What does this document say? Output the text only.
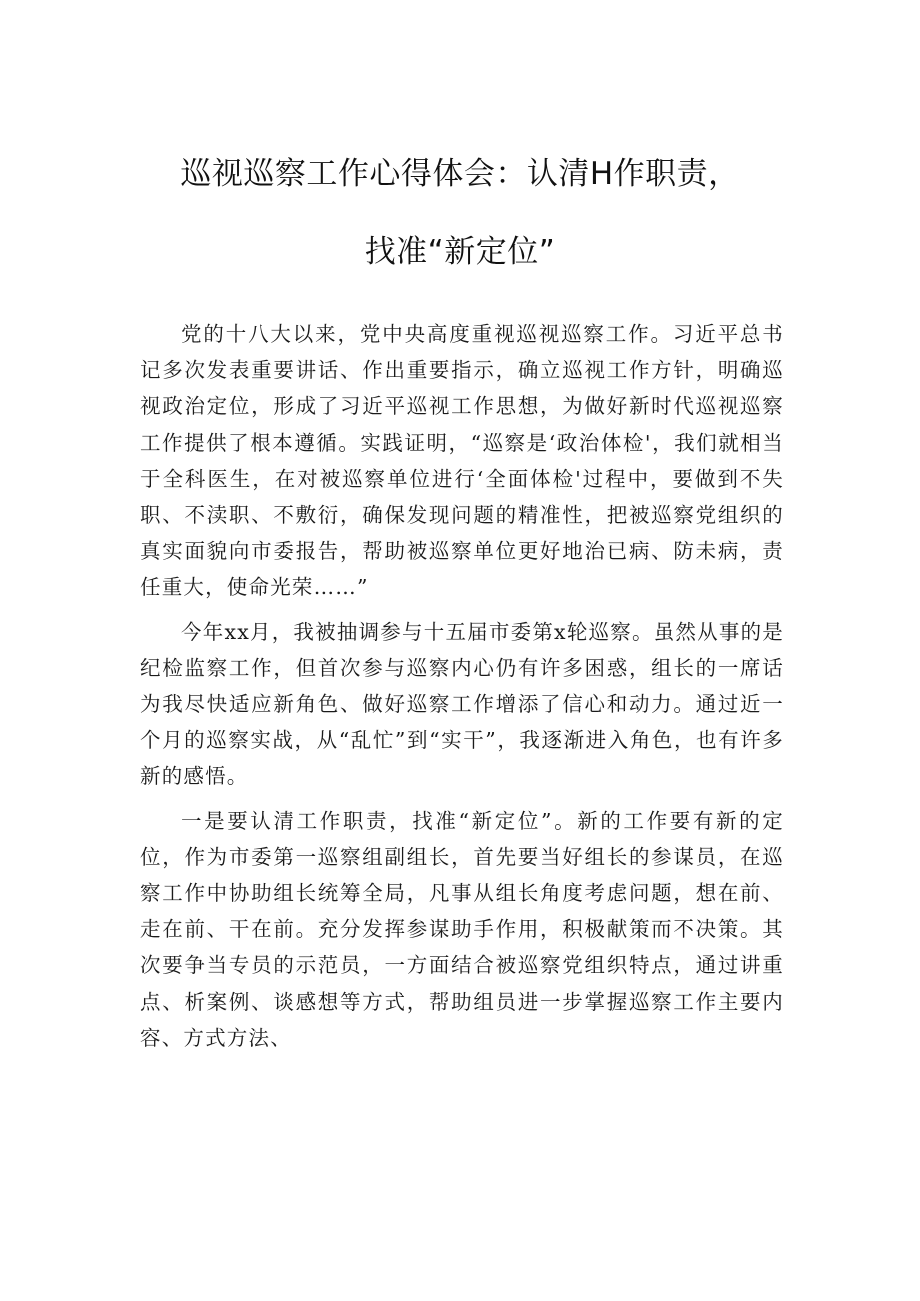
巡视巡察工作心得体会：认清H作职责，
找准“新定位”

党的十八大以来，党中央高度重视巡视巡察工作。习近平总书记多次发表重要讲话、作出重要指示，确立巡视工作方针，明确巡视政治定位，形成了习近平巡视工作思想，为做好新时代巡视巡察工作提供了根本遵循。实践证明，“巡察是‘政治体检'，我们就相当于全科医生，在对被巡察单位进行‘全面体检'过程中，要做到不失职、不渎职、不敷衍，确保发现问题的精准性，把被巡察党组织的真实面貌向市委报告，帮助被巡察单位更好地治已病、防未病，责任重大，使命光荣……”

今年xx月，我被抽调参与十五届市委第x轮巡察。虽然从事的是纪检监察工作，但首次参与巡察内心仍有许多困惑，组长的一席话为我尽快适应新角色、做好巡察工作增添了信心和动力。通过近一个月的巡察实战，从“乱忙”到“实干”，我逐渐进入角色，也有许多新的感悟。

一是要认清工作职责，找准“新定位”。新的工作要有新的定位，作为市委第一巡察组副组长，首先要当好组长的参谋员，在巡察工作中协助组长统筹全局，凡事从组长角度考虑问题，想在前、走在前、干在前。充分发挥参谋助手作用，积极献策而不决策。其次要争当专员的示范员，一方面结合被巡察党组织特点，通过讲重点、析案例、谈感想等方式，帮助组员进一步掌握巡察工作主要内容、方式方法、
